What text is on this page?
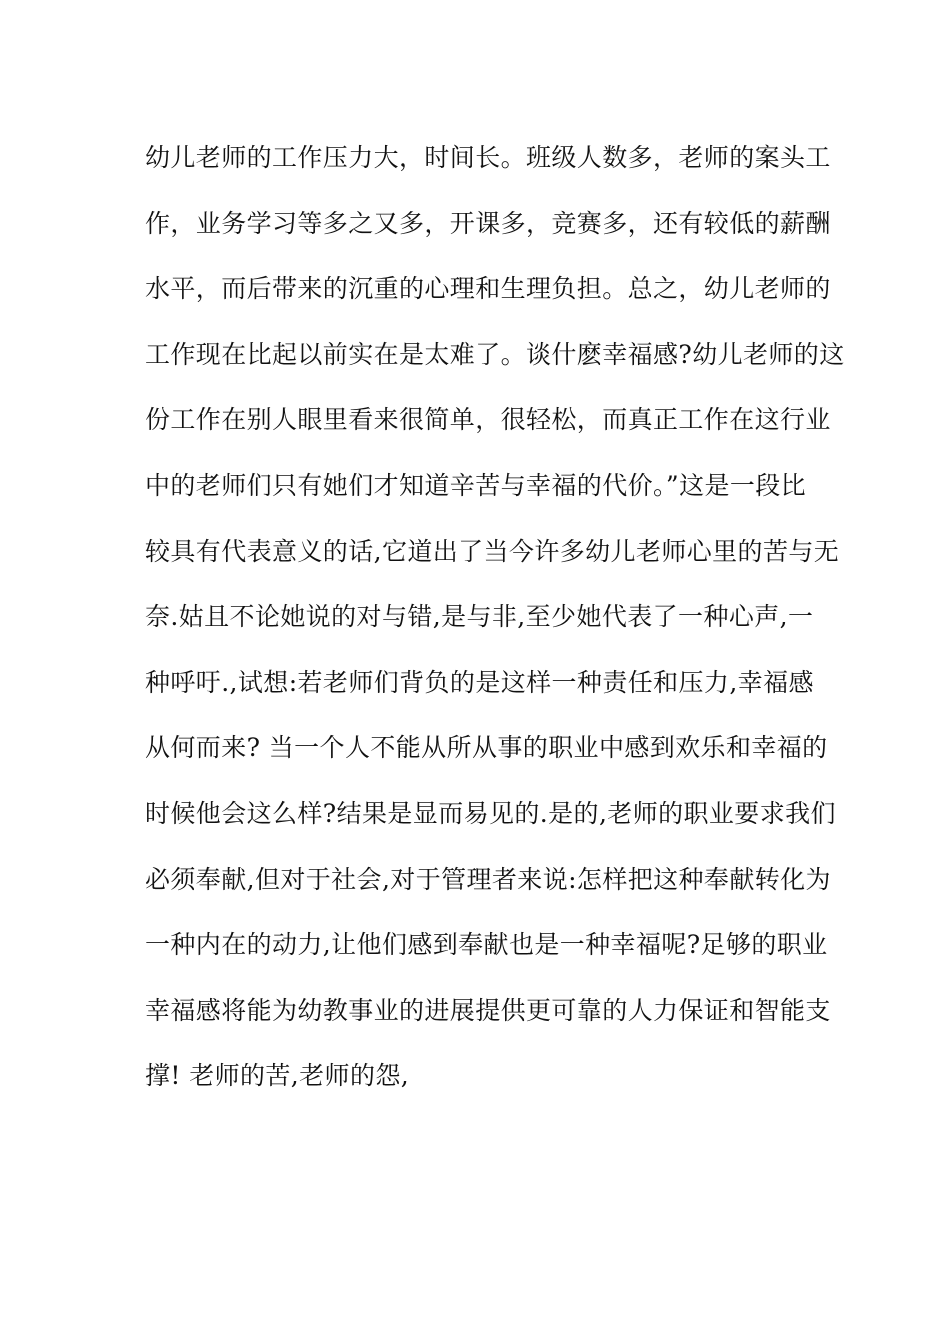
幼儿老师的工作压力大，时间长。班级人数多，老师的案头工
作，业务学习等多之又多，开课多，竞赛多，还有较低的薪酬
水平，而后带来的沉重的心理和生理负担。总之，幼儿老师的
工作现在比起以前实在是太难了。谈什麽幸福感?幼儿老师的这
份工作在别人眼里看来很简单，很轻松，而真正工作在这行业
中的老师们只有她们才知道辛苦与幸福的代价。”这是一段比
较具有代表意义的话,它道出了当今许多幼儿老师心里的苦与无
奈.姑且不论她说的对与错,是与非,至少她代表了一种心声,一
种呼吁.,试想:若老师们背负的是这样一种责任和压力,幸福感
从何而来? 当一个人不能从所从事的职业中感到欢乐和幸福的
时候他会这么样?结果是显而易见的.是的,老师的职业要求我们
必须奉献,但对于社会,对于管理者来说:怎样把这种奉献转化为
一种内在的动力,让他们感到奉献也是一种幸福呢?足够的职业
幸福感将能为幼教事业的进展提供更可靠的人力保证和智能支
撑! 老师的苦,老师的怨,
